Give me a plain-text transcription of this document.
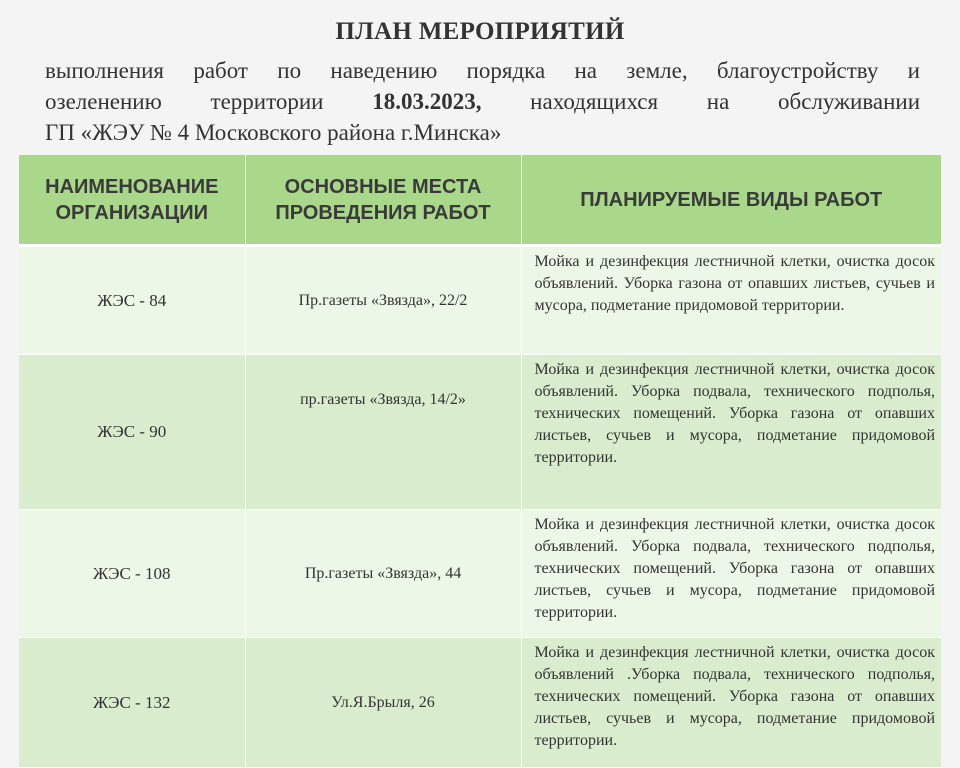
ПЛАН МЕРОПРИЯТИЙ
выполнения работ по наведению порядка на земле, благоустройству и
озеленению территории 18.03.2023, находящихся на обслуживании
ГП «ЖЭУ № 4 Московского района г.Минска»
НАИМЕНОВАНИЕ ОРГАНИЗАЦИИ	ОСНОВНЫЕ МЕСТА ПРОВЕДЕНИЯ РАБОТ	ПЛАНИРУЕМЫЕ ВИДЫ РАБОТ
ЖЭС - 84	Пр.газеты «Звязда», 22/2	Мойка и дезинфекция лестничной клетки, очистка досок объявлений. Уборка газона от опавших листьев, сучьев и мусора, подметание придомовой территории.
ЖЭС - 90	пр.газеты «Звязда, 14/2»	Мойка и дезинфекция лестничной клетки, очистка досок объявлений. Уборка подвала, технического подполья, технических помещений. Уборка газона от опавших листьев, сучьев и мусора, подметание придомовой территории.
ЖЭС - 108	Пр.газеты «Звязда», 44	Мойка и дезинфекция лестничной клетки, очистка досок объявлений. Уборка подвала, технического подполья, технических помещений. Уборка газона от опавших листьев, сучьев и мусора, подметание придомовой территории.
ЖЭС - 132	Ул.Я.Брыля, 26	Мойка и дезинфекция лестничной клетки, очистка досок объявлений .Уборка подвала, технического подполья, технических помещений. Уборка газона от опавших листьев, сучьев и мусора, подметание придомовой территории.
